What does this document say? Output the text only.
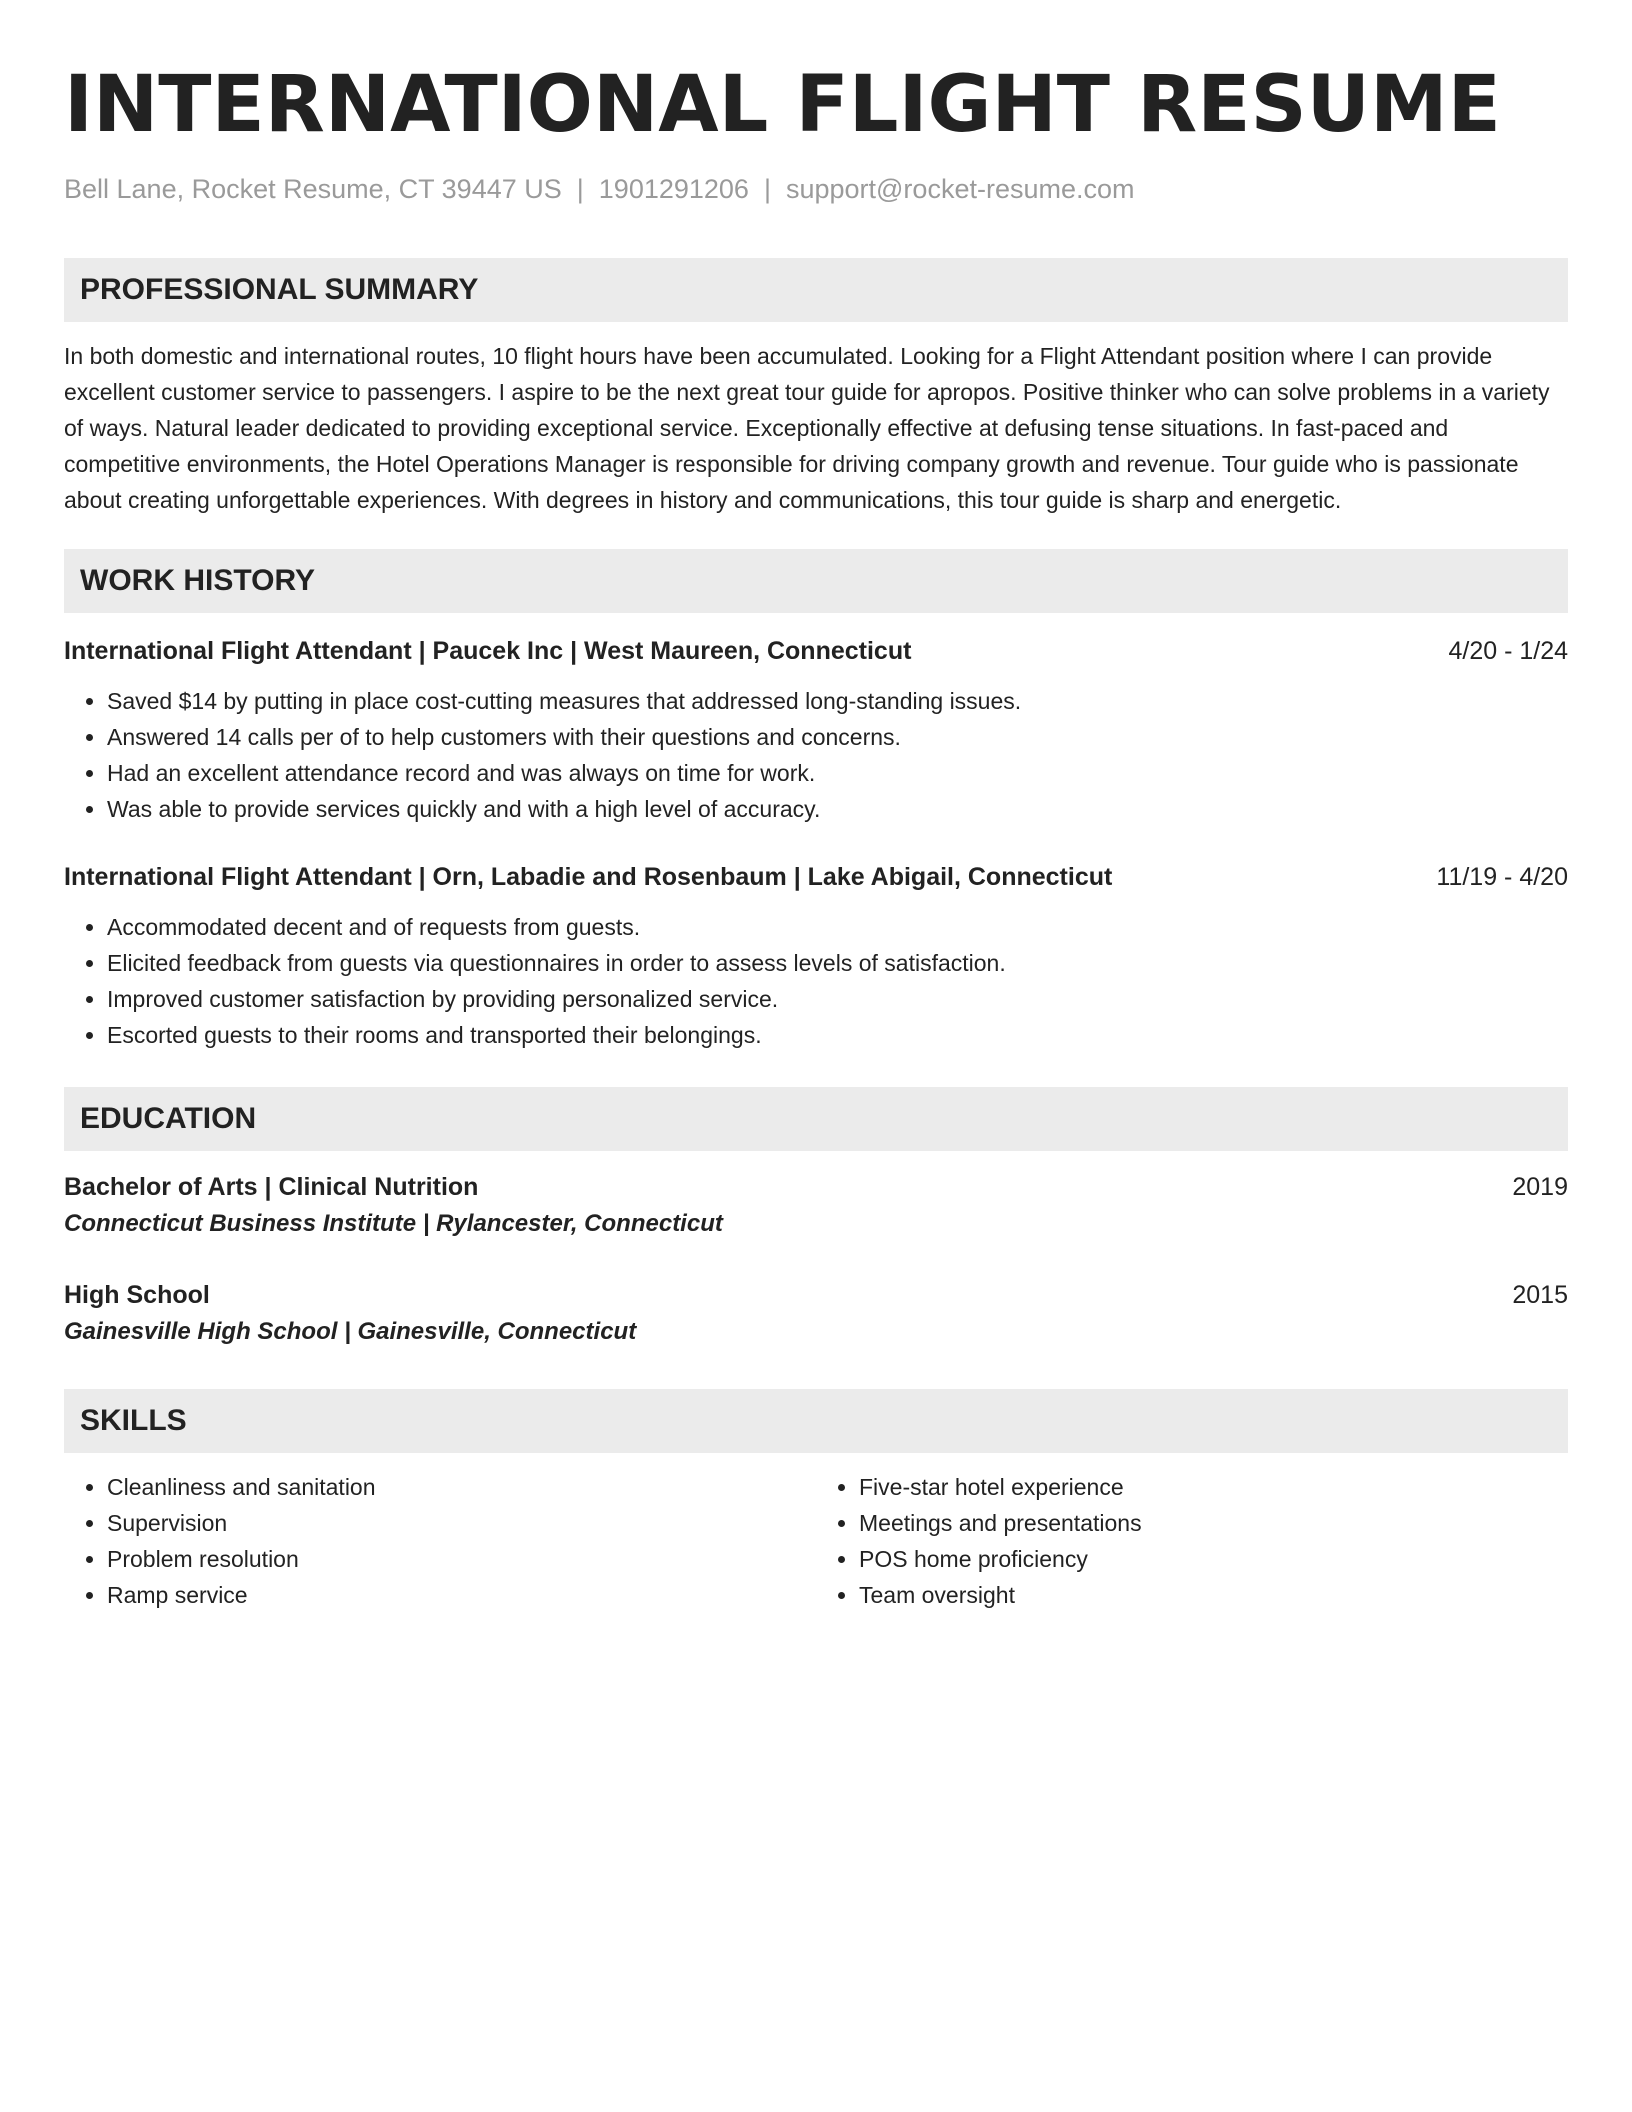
INTERNATIONAL FLIGHT RESUME
Bell Lane, Rocket Resume, CT 39447 US | 1901291206 | support@rocket-resume.com
PROFESSIONAL SUMMARY
In both domestic and international routes, 10 flight hours have been accumulated. Looking for a Flight Attendant position where I can provide excellent customer service to passengers. I aspire to be the next great tour guide for apropos. Positive thinker who can solve problems in a variety of ways. Natural leader dedicated to providing exceptional service. Exceptionally effective at defusing tense situations. In fast-paced and competitive environments, the Hotel Operations Manager is responsible for driving company growth and revenue. Tour guide who is passionate about creating unforgettable experiences. With degrees in history and communications, this tour guide is sharp and energetic.
WORK HISTORY
International Flight Attendant | Paucek Inc | West Maureen, Connecticut	4/20 - 1/24
• Saved $14 by putting in place cost-cutting measures that addressed long-standing issues.
• Answered 14 calls per of to help customers with their questions and concerns.
• Had an excellent attendance record and was always on time for work.
• Was able to provide services quickly and with a high level of accuracy.
International Flight Attendant | Orn, Labadie and Rosenbaum | Lake Abigail, Connecticut	11/19 - 4/20
• Accommodated decent and of requests from guests.
• Elicited feedback from guests via questionnaires in order to assess levels of satisfaction.
• Improved customer satisfaction by providing personalized service.
• Escorted guests to their rooms and transported their belongings.
EDUCATION
Bachelor of Arts | Clinical Nutrition	2019
Connecticut Business Institute | Rylancester, Connecticut
High School	2015
Gainesville High School | Gainesville, Connecticut
SKILLS
• Cleanliness and sanitation
• Supervision
• Problem resolution
• Ramp service
• Five-star hotel experience
• Meetings and presentations
• POS home proficiency
• Team oversight
